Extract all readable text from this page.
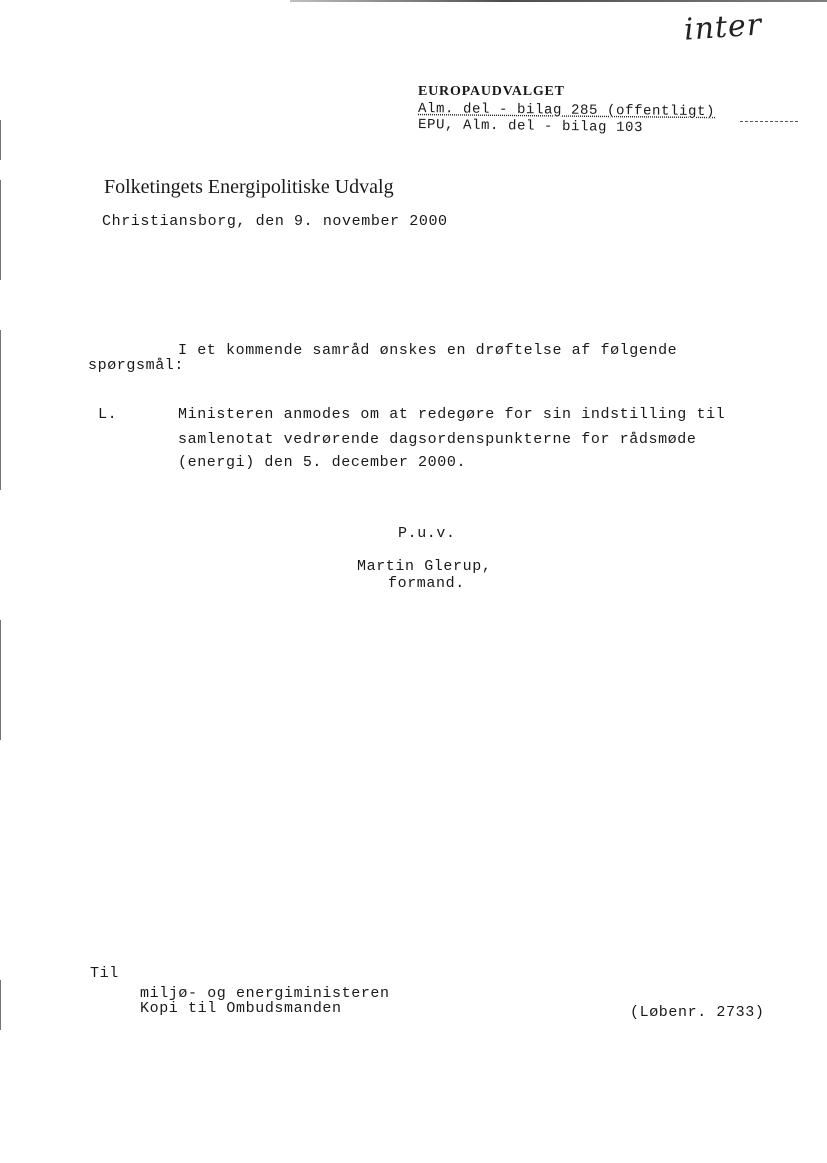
inter
EUROPAUDVALGET
Alm. del - bilag 285 (offentligt)
EPU, Alm. del - bilag 103
Folketingets Energipolitiske Udvalg
Christiansborg, den 9. november 2000
I et kommende samråd ønskes en drøftelse af følgende
spørgsmål:
L.	Ministeren anmodes om at redegøre for sin indstilling til
samlenotat vedrørende dagsordenspunkterne for rådsmøde
(energi) den 5. december 2000.
P.u.v.
Martin Glerup,
formand.
Til
miljø- og energiministeren
Kopi til Ombudsmanden	(Løbenr. 2733)
